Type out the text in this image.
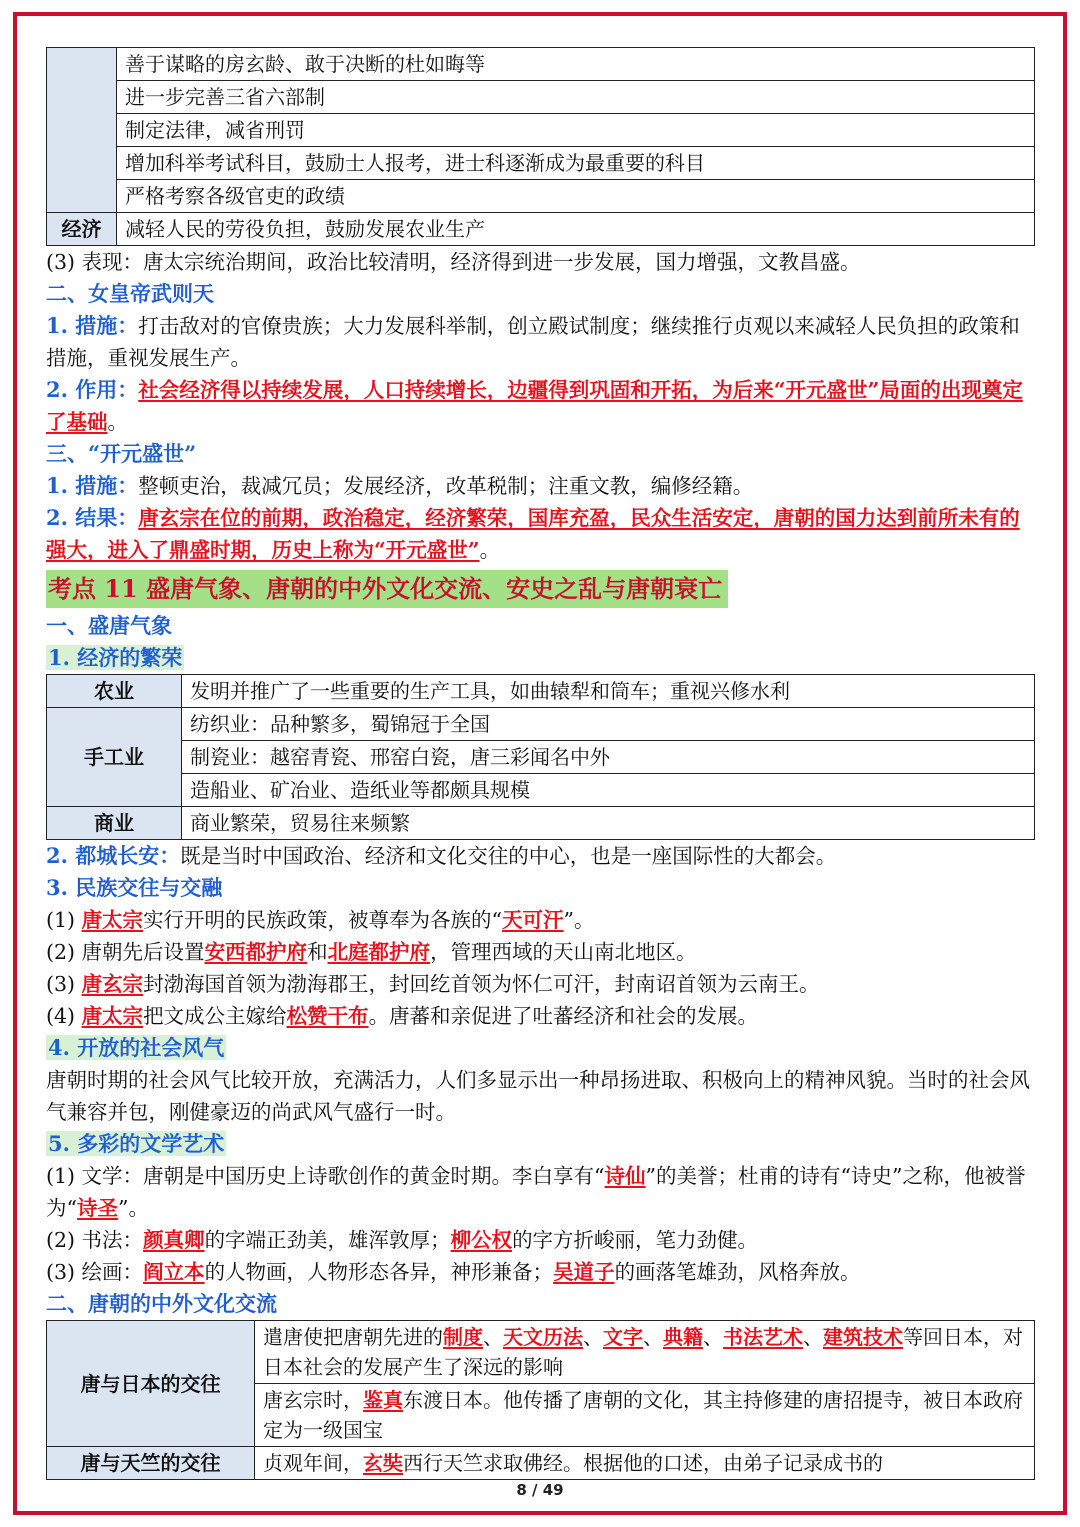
	善于谋略的房玄龄、敢于决断的杜如晦等
	进一步完善三省六部制
	制定法律，减省刑罚
	增加科举考试科目，鼓励士人报考，进士科逐渐成为最重要的科目
	严格考察各级官吏的政绩
经济	减轻人民的劳役负担，鼓励发展农业生产

(3) 表现：唐太宗统治期间，政治比较清明，经济得到进一步发展，国力增强，文教昌盛。

二、女皇帝武则天

1. 措施：打击敌对的官僚贵族；大力发展科举制，创立殿试制度；继续推行贞观以来减轻人民负担的政策和措施，重视发展生产。

2. 作用：社会经济得以持续发展，人口持续增长，边疆得到巩固和开拓，为后来“开元盛世”局面的出现奠定了基础。

三、“开元盛世”

1. 措施：整顿吏治，裁减冗员；发展经济，改革税制；注重文教，编修经籍。

2. 结果：唐玄宗在位的前期，政治稳定，经济繁荣，国库充盈，民众生活安定，唐朝的国力达到前所未有的强大，进入了鼎盛时期，历史上称为“开元盛世”。

考点 11 盛唐气象、唐朝的中外文化交流、安史之乱与唐朝衰亡

一、盛唐气象

1. 经济的繁荣

农业	发明并推广了一些重要的生产工具，如曲辕犁和筒车；重视兴修水利
手工业	纺织业：品种繁多，蜀锦冠于全国
	制瓷业：越窑青瓷、邢窑白瓷，唐三彩闻名中外
	造船业、矿冶业、造纸业等都颇具规模
商业	商业繁荣，贸易往来频繁

2. 都城长安：既是当时中国政治、经济和文化交往的中心，也是一座国际性的大都会。

3. 民族交往与交融

(1) 唐太宗实行开明的民族政策，被尊奉为各族的“天可汗”。

(2) 唐朝先后设置安西都护府和北庭都护府，管理西域的天山南北地区。

(3) 唐玄宗封渤海国首领为渤海郡王，封回纥首领为怀仁可汗，封南诏首领为云南王。

(4) 唐太宗把文成公主嫁给松赞干布。唐蕃和亲促进了吐蕃经济和社会的发展。

4. 开放的社会风气

唐朝时期的社会风气比较开放，充满活力，人们多显示出一种昂扬进取、积极向上的精神风貌。当时的社会风气兼容并包，刚健豪迈的尚武风气盛行一时。

5. 多彩的文学艺术

(1) 文学：唐朝是中国历史上诗歌创作的黄金时期。李白享有“诗仙”的美誉；杜甫的诗有“诗史”之称，他被誉为“诗圣”。

(2) 书法：颜真卿的字端正劲美，雄浑敦厚；柳公权的字方折峻丽，笔力劲健。

(3) 绘画：阎立本的人物画，人物形态各异，神形兼备；吴道子的画落笔雄劲，风格奔放。

二、唐朝的中外文化交流

唐与日本的交往	遣唐使把唐朝先进的制度、天文历法、文字、典籍、书法艺术、建筑技术等回日本，对日本社会的发展产生了深远的影响
	唐玄宗时，鉴真东渡日本。他传播了唐朝的文化，其主持修建的唐招提寺，被日本政府定为一级国宝
唐与天竺的交往	贞观年间，玄奘西行天竺求取佛经。根据他的口述，由弟子记录成书的
8 / 49
